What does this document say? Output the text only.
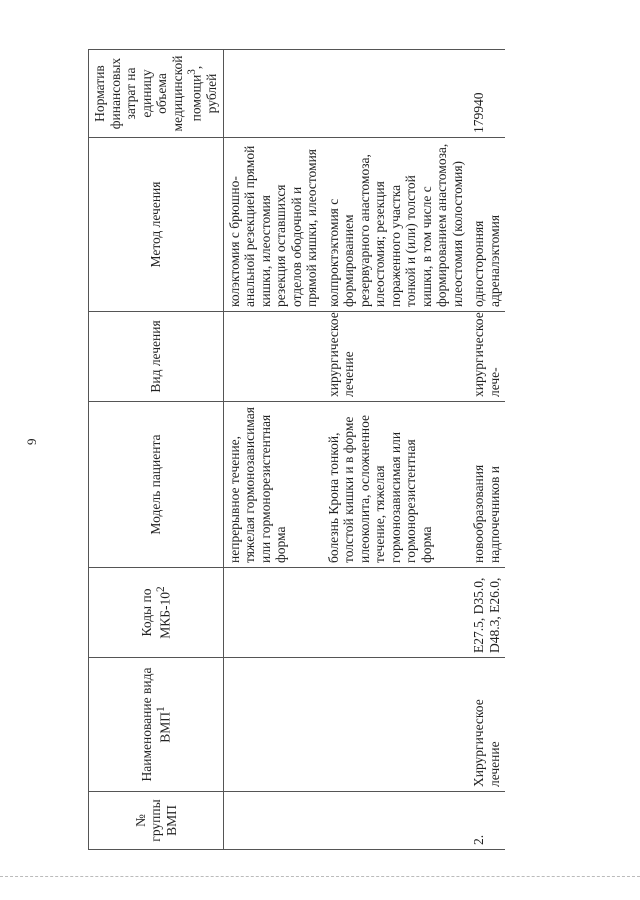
9
№ группы ВМП	Наименование вида ВМП$^1$	Коды по МКБ-$10^2$	Модель пациента	Вид лечения	Метод лечения	Норматив финансовых затрат на единицу объема медицинской помощи$^3$, рублей
			непрерывное течение, тяжелая гормонозависимая или гормонорезистентная форма		колэктомия с брюшно-анальной резекцией прямой кишки, илеостомия резекция оставшихся отделов ободочной и прямой кишки, илеостомия	
			болезнь Крона тонкой, толстой кишки и в форме илеоколита, осложненное течение, тяжелая гормонозависимая или гормонорезистентная форма	хирургическое лечение	колпроктэктомия с формированием резервуарного анастомоза, илеостомия; резекция пораженного участка тонкой и (или) толстой кишки, в том числе с формированием анастомоза, илеостомия (колостомия)	
2.	Хирургическое лечение	E27.5, D35.0, D48.3, E26.0,	новообразования надпочечников и	хирургическое лече-	односторонняя адреналэктомия	179940
